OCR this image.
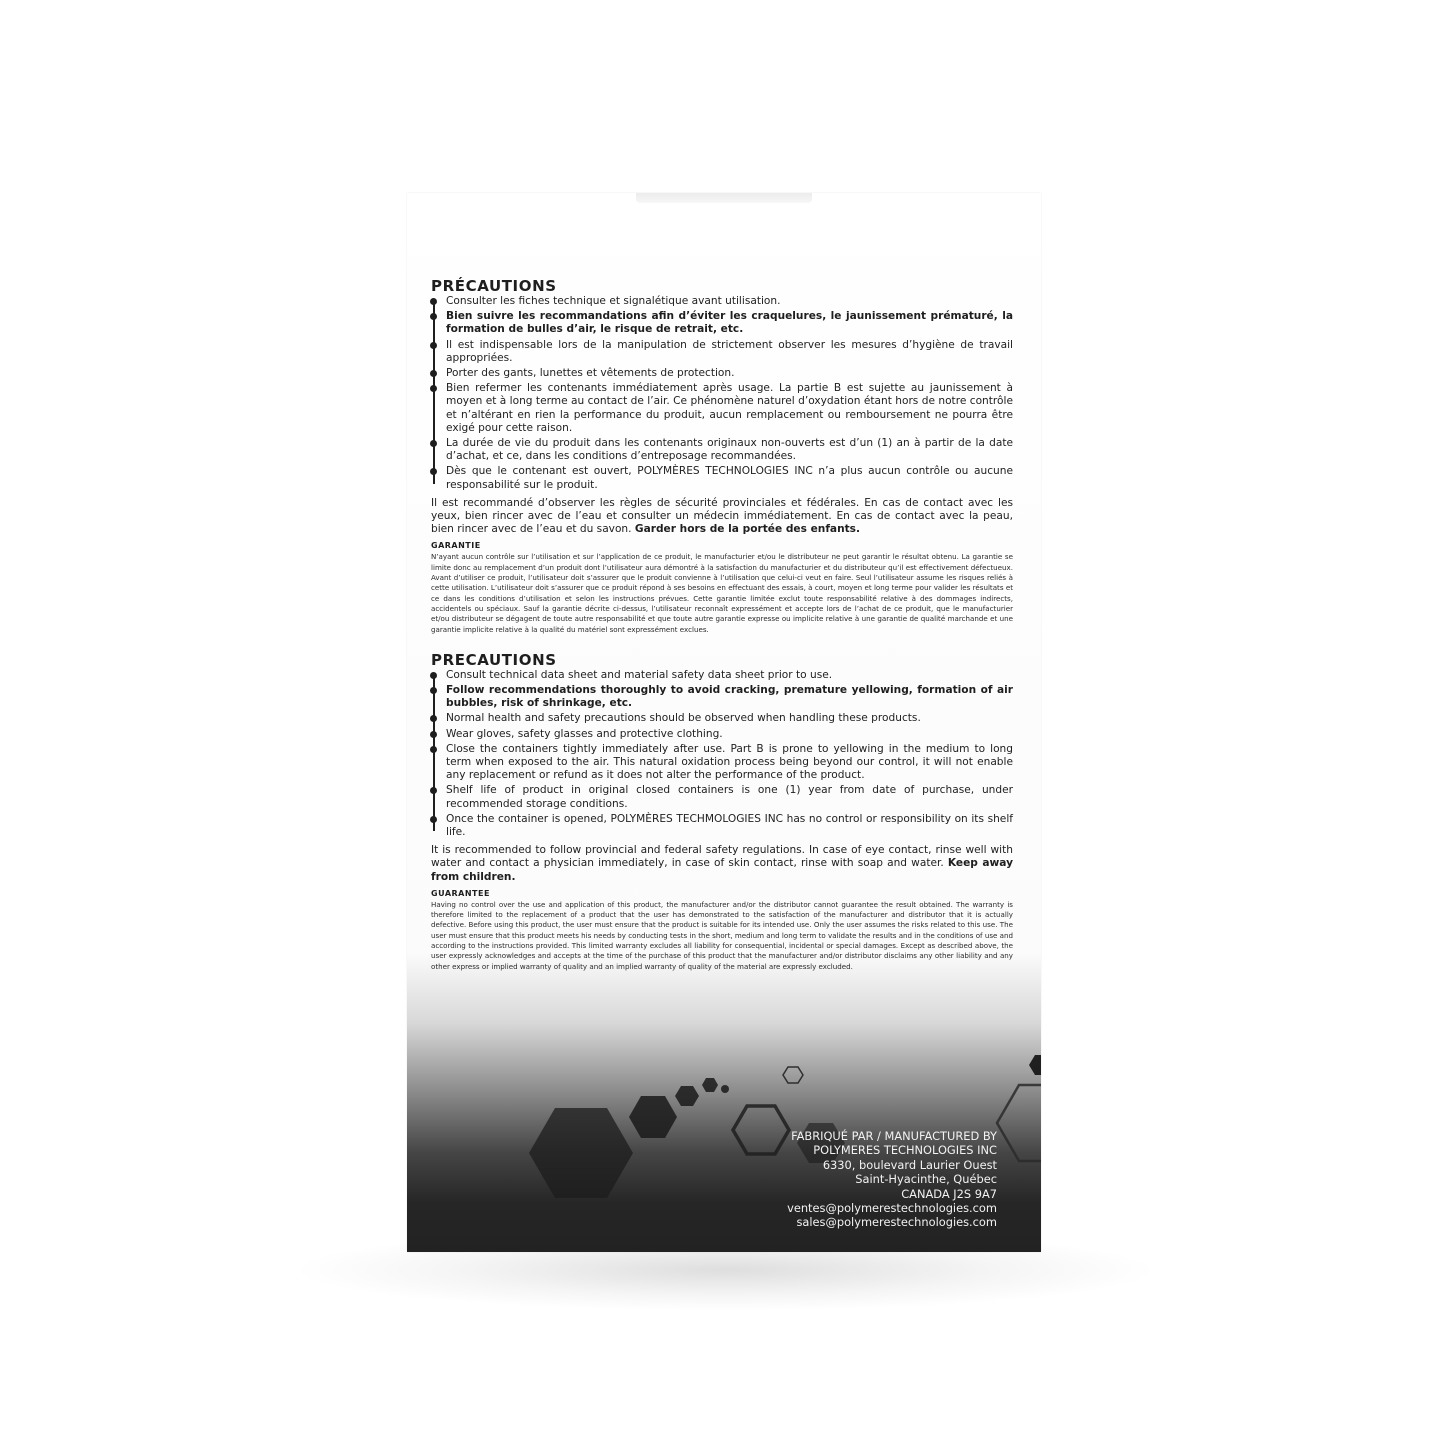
PRÉCAUTIONS
Consulter les fiches technique et signalétique avant utilisation.
Bien suivre les recommandations afin d’éviter les craquelures, le jaunissement prématuré, la formation de bulles d’air, le risque de retrait, etc.
Il est indispensable lors de la manipulation de strictement observer les mesures d’hygiène de travail appropriées.
Porter des gants, lunettes et vêtements de protection.
Bien refermer les contenants immédiatement après usage. La partie B est sujette au jaunissement à moyen et à long terme au contact de l’air. Ce phénomène naturel d’oxydation étant hors de notre contrôle et n’altérant en rien la performance du produit, aucun remplacement ou remboursement ne pourra être exigé pour cette raison.
La durée de vie du produit dans les contenants originaux non-ouverts est d’un (1) an à partir de la date d’achat, et ce, dans les conditions d’entreposage recommandées.
Dès que le contenant est ouvert, POLYMÈRES TECHNOLOGIES INC n’a plus aucun contrôle ou aucune responsabilité sur le produit.

Il est recommandé d’observer les règles de sécurité provinciales et fédérales. En cas de contact avec les yeux, bien rincer avec de l’eau et consulter un médecin immédiatement. En cas de contact avec la peau, bien rincer avec de l’eau et du savon. Garder hors de la portée des enfants.

GARANTIE

N’ayant aucun contrôle sur l’utilisation et sur l’application de ce produit, le manufacturier et/ou le distributeur ne peut garantir le résultat obtenu. La garantie se limite donc au remplacement d’un produit dont l’utilisateur aura démontré à la satisfaction du manufacturier et du distributeur qu’il est effectivement défectueux. Avant d’utiliser ce produit, l’utilisateur doit s’assurer que le produit convienne à l’utilisation que celui-ci veut en faire. Seul l’utilisateur assume les risques reliés à cette utilisation. L’utilisateur doit s’assurer que ce produit répond à ses besoins en effectuant des essais, à court, moyen et long terme pour valider les résultats et ce dans les conditions d’utilisation et selon les instructions prévues. Cette garantie limitée exclut toute responsabilité relative à des dommages indirects, accidentels ou spéciaux. Sauf la garantie décrite ci-dessus, l’utilisateur reconnaît expressément et accepte lors de l’achat de ce produit, que le manufacturier et/ou distributeur se dégagent de toute autre responsabilité et que toute autre garantie expresse ou implicite relative à une garantie de qualité marchande et une garantie implicite relative à la qualité du matériel sont expressément exclues.

PRECAUTIONS
Consult technical data sheet and material safety data sheet prior to use.
Follow recommendations thoroughly to avoid cracking, premature yellowing, formation of air bubbles, risk of shrinkage, etc.
Normal health and safety precautions should be observed when handling these products.
Wear gloves, safety glasses and protective clothing.
Close the containers tightly immediately after use. Part B is prone to yellowing in the medium to long term when exposed to the air. This natural oxidation process being beyond our control, it will not enable any replacement or refund as it does not alter the performance of the product.
Shelf life of product in original closed containers is one (1) year from date of purchase, under recommended storage conditions.
Once the container is opened, POLYMÈRES TECHMOLOGIES INC has no control or responsibility on its shelf life.

It is recommended to follow provincial and federal safety regulations. In case of eye contact, rinse well with water and contact a physician immediately, in case of skin contact, rinse with soap and water. Keep away from children.

GUARANTEE

Having no control over the use and application of this product, the manufacturer and/or the distributor cannot guarantee the result obtained. The warranty is therefore limited to the replacement of a product that the user has demonstrated to the satisfaction of the manufacturer and distributor that it is actually defective. Before using this product, the user must ensure that the product is suitable for its intended use. Only the user assumes the risks related to this use. The user must ensure that this product meets his needs by conducting tests in the short, medium and long term to validate the results and in the conditions of use and according to the instructions provided. This limited warranty excludes all liability for consequential, incidental or special damages. Except as described above, the user expressly acknowledges and accepts at the time of the purchase of this product that the manufacturer and/or distributor disclaims any other liability and any other express or implied warranty of quality and an implied warranty of quality of the material are expressly excluded.

FABRIQUÉ PAR / MANUFACTURED BY
POLYMERES TECHNOLOGIES INC
6330, boulevard Laurier Ouest
Saint-Hyacinthe, Québec
CANADA J2S 9A7
ventes@polymerestechnologies.com
sales@polymerestechnologies.com
